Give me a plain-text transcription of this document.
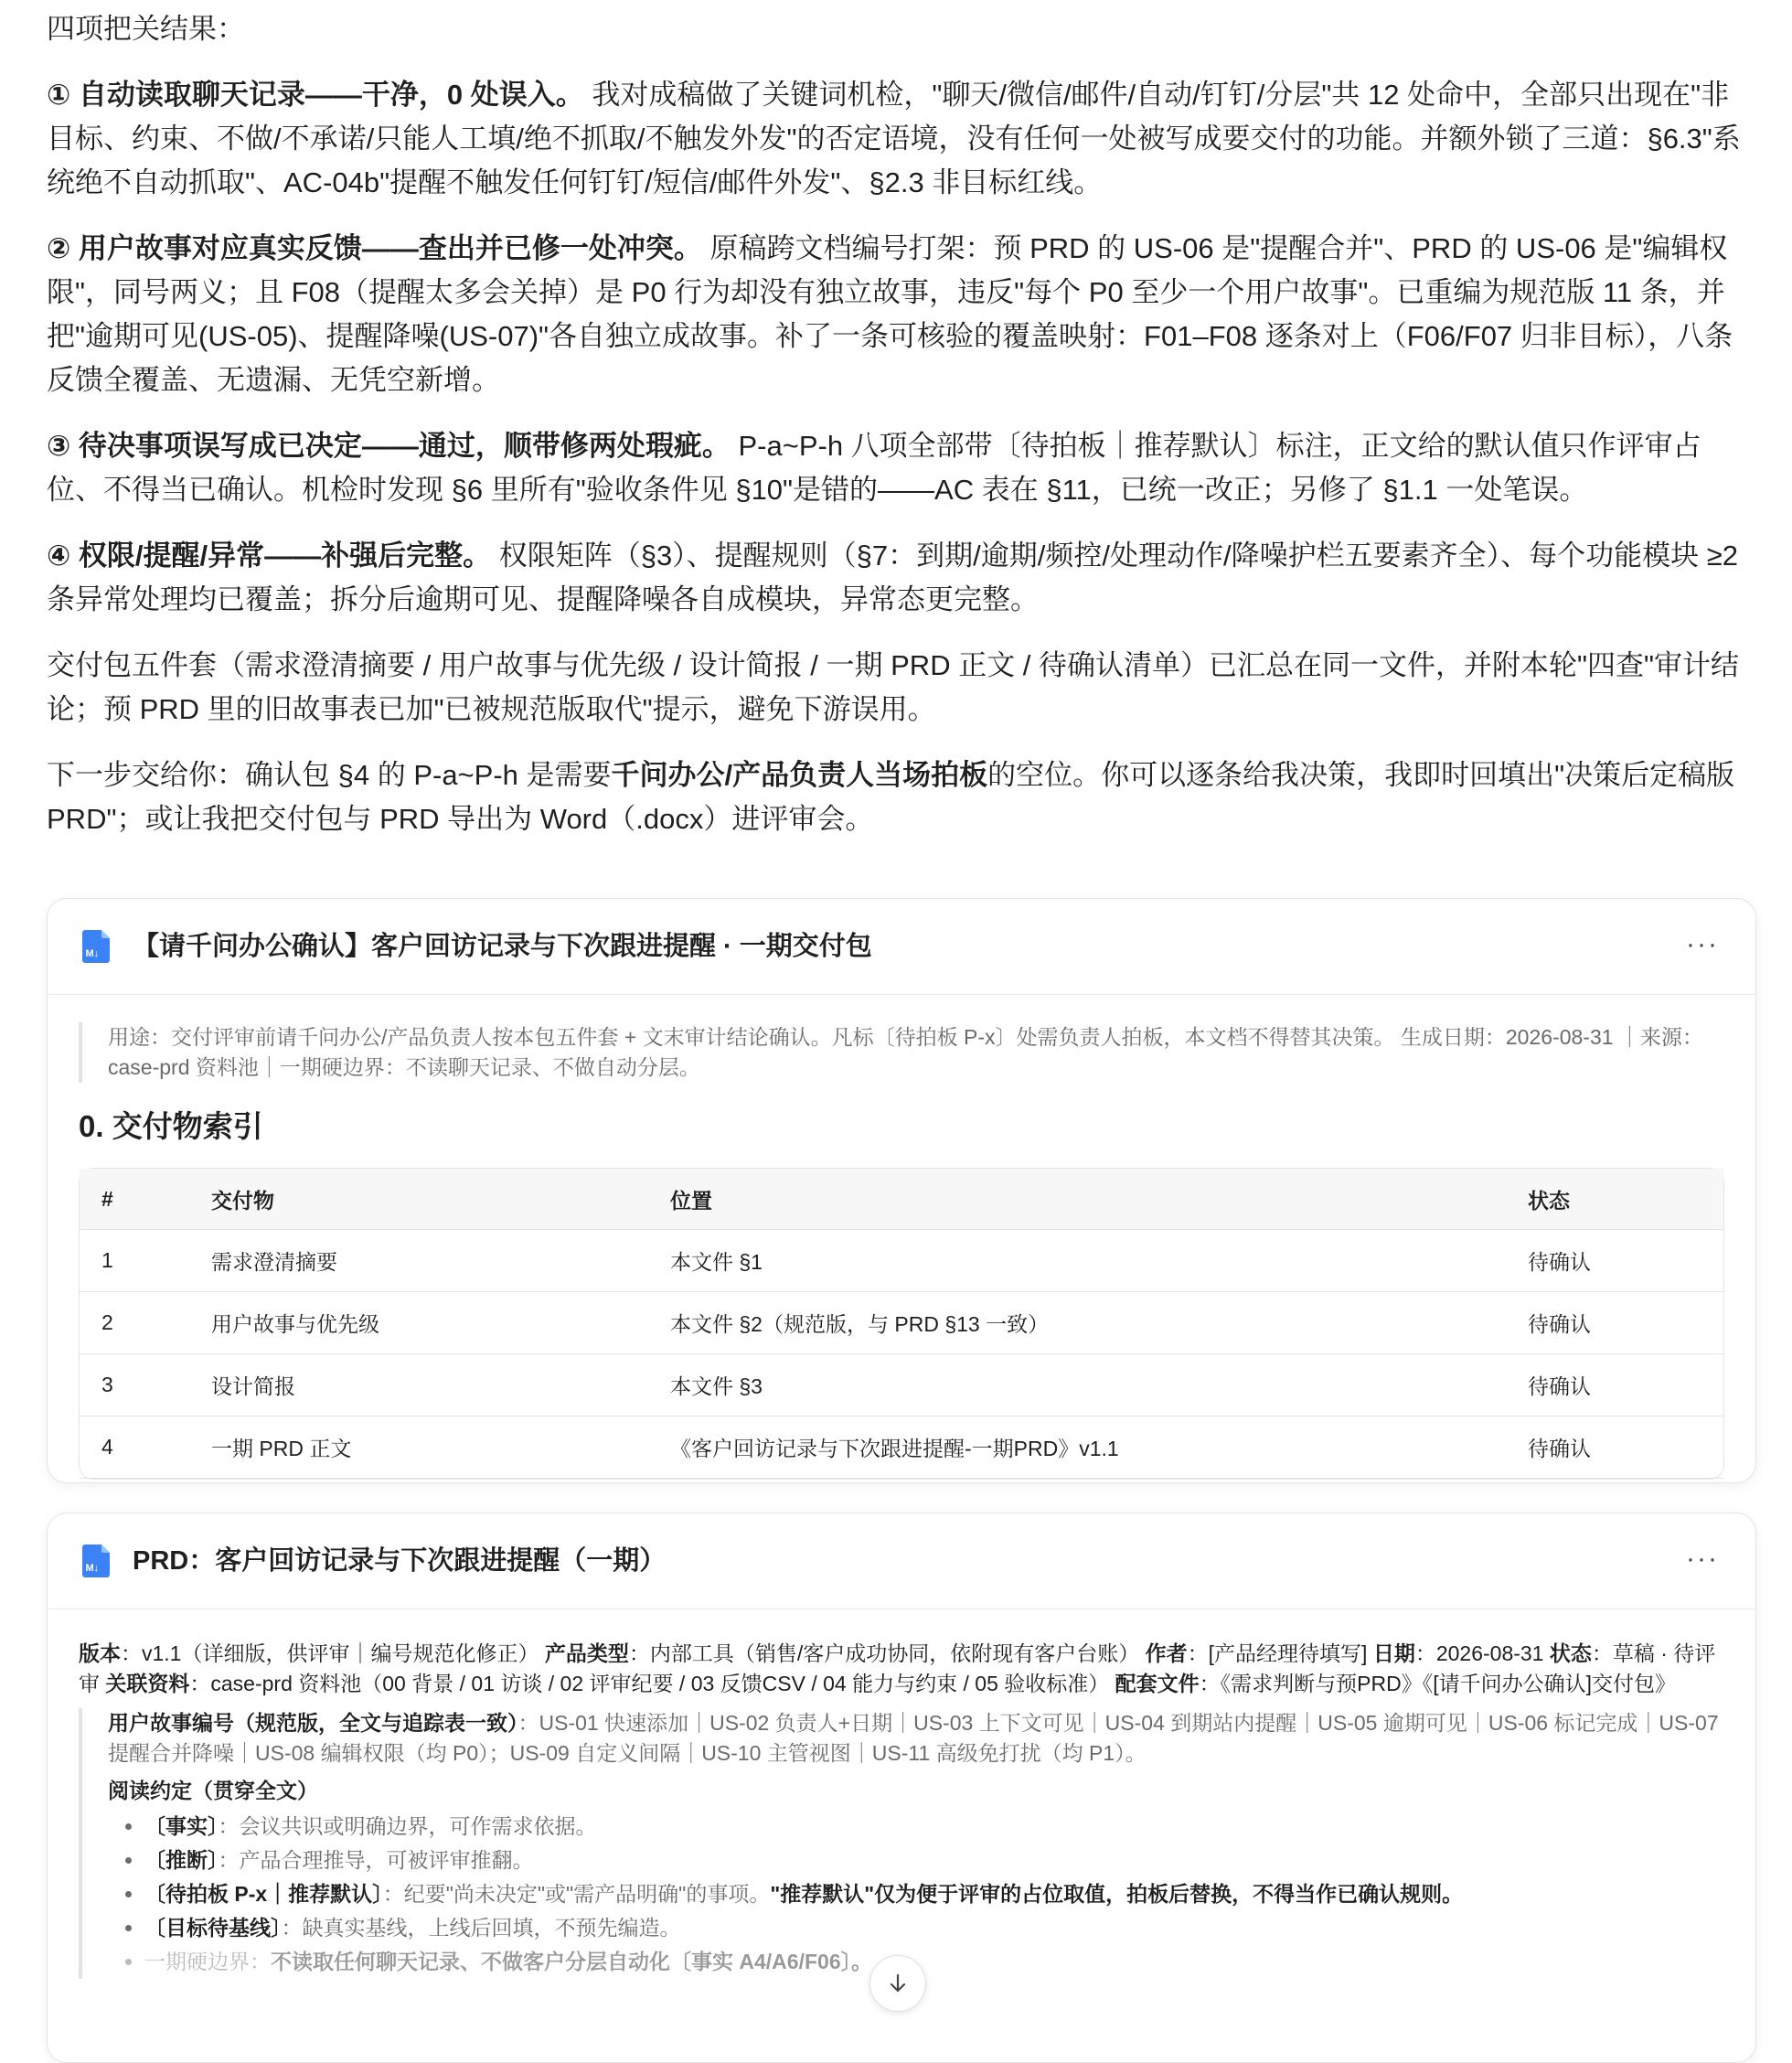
四项把关结果：

① 自动读取聊天记录——干净，0 处误入。 我对成稿做了关键词机检，"聊天/微信/邮件/自动/钉钉/分层"共 12 处命中，全部只出现在"非目标、约束、不做/不承诺/只能人工填/绝不抓取/不触发外发"的否定语境，没有任何一处被写成要交付的功能。并额外锁了三道：§6.3"系统绝不自动抓取"、AC-04b"提醒不触发任何钉钉/短信/邮件外发"、§2.3 非目标红线。

② 用户故事对应真实反馈——查出并已修一处冲突。 原稿跨文档编号打架：预 PRD 的 US-06 是"提醒合并"、PRD 的 US-06 是"编辑权限"，同号两义；且 F08（提醒太多会关掉）是 P0 行为却没有独立故事，违反"每个 P0 至少一个用户故事"。已重编为规范版 11 条，并把"逾期可见(US-05)、提醒降噪(US-07)"各自独立成故事。补了一条可核验的覆盖映射：F01–F08 逐条对上（F06/F07 归非目标），八条反馈全覆盖、无遗漏、无凭空新增。

③ 待决事项误写成已决定——通过，顺带修两处瑕疵。 P-a~P-h 八项全部带〔待拍板｜推荐默认〕标注，正文给的默认值只作评审占位、不得当已确认。机检时发现 §6 里所有"验收条件见 §10"是错的——AC 表在 §11，已统一改正；另修了 §1.1 一处笔误。

④ 权限/提醒/异常——补强后完整。 权限矩阵（§3）、提醒规则（§7：到期/逾期/频控/处理动作/降噪护栏五要素齐全）、每个功能模块 ≥2 条异常处理均已覆盖；拆分后逾期可见、提醒降噪各自成模块，异常态更完整。

交付包五件套（需求澄清摘要 / 用户故事与优先级 / 设计简报 / 一期 PRD 正文 / 待确认清单）已汇总在同一文件，并附本轮"四查"审计结论；预 PRD 里的旧故事表已加"已被规范版取代"提示，避免下游误用。

下一步交给你：确认包 §4 的 P-a~P-h 是需要千问办公/产品负责人当场拍板的空位。你可以逐条给我决策，我即时回填出"决策后定稿版 PRD"；或让我把交付包与 PRD 导出为 Word（.docx）进评审会。

M↓ 【请千问办公确认】客户回访记录与下次跟进提醒 · 一期交付包	···

用途：交付评审前请千问办公/产品负责人按本包五件套 + 文末审计结论确认。凡标〔待拍板 P-x〕处需负责人拍板，本文档不得替其决策。 生成日期：2026-08-31 ｜来源：case-prd 资料池｜一期硬边界：不读聊天记录、不做自动分层。

0. 交付物索引
#	交付物	位置	状态
1	需求澄清摘要	本文件 §1	待确认
2	用户故事与优先级	本文件 §2（规范版，与 PRD §13 一致）	待确认
3	设计简报	本文件 §3	待确认
4	一期 PRD 正文	《客户回访记录与下次跟进提醒-一期PRD》v1.1	待确认
M↓ PRD：客户回访记录与下次跟进提醒（一期）	···

版本：v1.1（详细版，供评审｜编号规范化修正） 产品类型：内部工具（销售/客户成功协同，依附现有客户台账） 作者：[产品经理待填写] 日期：2026-08-31 状态：草稿 · 待评审 关联资料：case-prd 资料池（00 背景 / 01 访谈 / 02 评审纪要 / 03 反馈CSV / 04 能力与约束 / 05 验收标准） 配套文件：《需求判断与预PRD》《[请千问办公确认]交付包》

用户故事编号（规范版，全文与追踪表一致）：US-01 快速添加｜US-02 负责人+日期｜US-03 上下文可见｜US-04 到期站内提醒｜US-05 逾期可见｜US-06 标记完成｜US-07 提醒合并降噪｜US-08 编辑权限（均 P0）；US-09 自定义间隔｜US-10 主管视图｜US-11 高级免打扰（均 P1）。
阅读约定（贯穿全文）
• 〔事实〕：会议共识或明确边界，可作需求依据。
• 〔推断〕：产品合理推导，可被评审推翻。
• 〔待拍板 P-x｜推荐默认〕：纪要"尚未决定"或"需产品明确"的事项。"推荐默认"仅为便于评审的占位取值，拍板后替换，不得当作已确认规则。
• 〔目标待基线〕：缺真实基线，上线后回填，不预先编造。
• 一期硬边界：不读取任何聊天记录、不做客户分层自动化〔事实 A4/A6/F06〕。
